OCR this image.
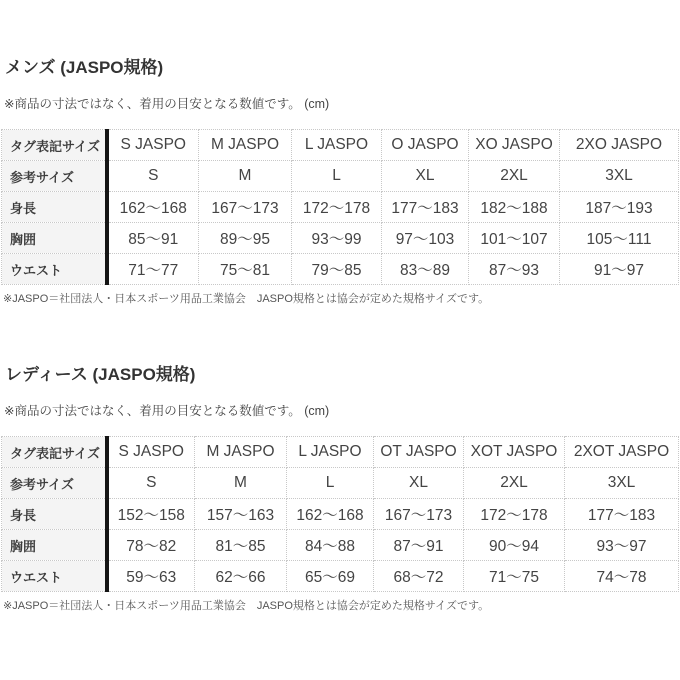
メンズ (JASPO規格)

※商品の寸法ではなく、着用の目安となる数値です。 (cm)

タグ表記サイズ	S JASPO	M JASPO	L JASPO	O JASPO	XO JASPO	2XO JASPO
参考サイズ	S	M	L	XL	2XL	3XL
身長	162〜168	167〜173	172〜178	177〜183	182〜188	187〜193
胸囲	85〜91	89〜95	93〜99	97〜103	101〜107	105〜111
ウエスト	71〜77	75〜81	79〜85	83〜89	87〜93	91〜97

※JASPO＝社団法人・日本スポーツ用品工業協会　JASPO規格とは協会が定めた規格サイズです。

レディース (JASPO規格)

※商品の寸法ではなく、着用の目安となる数値です。 (cm)

タグ表記サイズ	S JASPO	M JASPO	L JASPO	OT JASPO	XOT JASPO	2XOT JASPO
参考サイズ	S	M	L	XL	2XL	3XL
身長	152〜158	157〜163	162〜168	167〜173	172〜178	177〜183
胸囲	78〜82	81〜85	84〜88	87〜91	90〜94	93〜97
ウエスト	59〜63	62〜66	65〜69	68〜72	71〜75	74〜78

※JASPO＝社団法人・日本スポーツ用品工業協会　JASPO規格とは協会が定めた規格サイズです。
